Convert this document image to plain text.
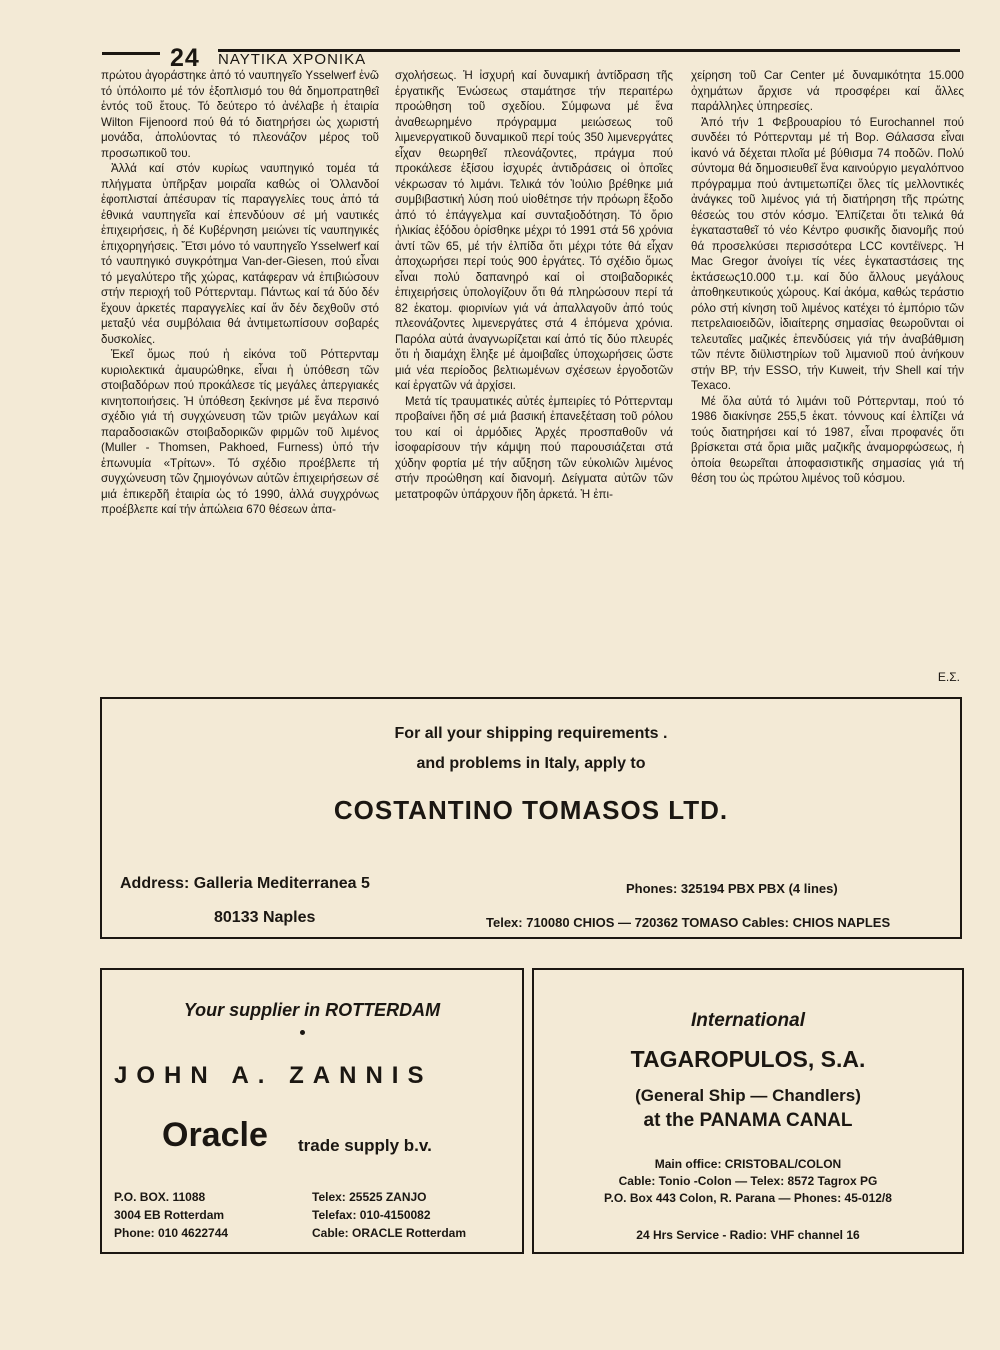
24 ΝΑΥΤΙΚΑ ΧΡΟΝΙΚΑ

πρώτου ἀγοράστηκε ἀπό τό ναυπηγεῖο Ysselwerf ἐνῶ τό ὑπόλοιπο μέ τόν ἐξοπλισμό του θά δημοπρατηθεῖ ἐντός τοῦ ἔτους. Τό δεύτερο τό ἀνέλαβε ἡ ἑταιρία Wilton Fijenoord πού θά τό διατηρήσει ὡς χωριστή μονάδα, ἀπολύοντας τό πλεονάζον μέρος τοῦ προσωπικοῦ του.

Ἀλλά καί στόν κυρίως ναυπηγικό τομέα τά πλήγματα ὑπῆρξαν μοιραῖα καθώς οἱ Ὁλλανδοί ἐφοπλισταί ἀπέσυραν τίς παραγγελίες τους ἀπό τά ἐθνικά ναυπηγεῖα καί ἐπενδύουν σέ μή ναυτικές ἐπιχειρήσεις, ἡ δέ Κυβέρνηση μειώνει τίς ναυπηγικές ἐπιχορηγήσεις. Ἔτσι μόνο τό ναυπηγεῖο Ysselwerf καί τό ναυπηγικό συγκρότημα Van-der-Giesen, πού εἶναι τό μεγαλύτερο τῆς χώρας, κατάφεραν νά ἐπιβιώσουν στήν περιοχή τοῦ Ρόττερνταμ. Πάντως καί τά δύο δέν ἔχουν ἀρκετές παραγγελίες καί ἄν δέν δεχθοῦν στό μεταξύ νέα συμβόλαια θά ἀντιμετωπίσουν σοβαρές δυσκολίες.

Ἐκεῖ ὅμως πού ἡ εἰκόνα τοῦ Ρόττερνταμ κυριολεκτικά ἀμαυρώθηκε, εἶναι ἡ ὑπόθεση τῶν στοιβαδόρων πού προκάλεσε τίς μεγάλες ἀπεργιακές κινητοποιήσεις. Ἡ ὑπόθεση ξεκίνησε μέ ἕνα περσινό σχέδιο γιά τή συγχώνευση τῶν τριῶν μεγάλων καί παραδοσιακῶν στοιβαδορικῶν φιρμῶν τοῦ λιμένος (Muller - Thomsen, Pakhoed, Furness) ὑπό τήν ἐπωνυμία «Τρίτων». Τό σχέδιο προέβλεπε τή συγχώνευση τῶν ζημιογόνων αὐτῶν ἐπιχειρήσεων σέ μιά ἐπικερδῆ ἑταιρία ὡς τό 1990, ἀλλά συγχρόνως προέβλεπε καί τήν ἀπώλεια 670 θέσεων ἀπα-

σχολήσεως. Ἡ ἰσχυρή καί δυναμική ἀντίδραση τῆς ἐργατικῆς Ἑνώσεως σταμάτησε τήν περαιτέρω προώθηση τοῦ σχεδίου. Σύμφωνα μέ ἕνα ἀναθεωρημένο πρόγραμμα μειώσεως τοῦ λιμενεργατικοῦ δυναμικοῦ περί τούς 350 λιμενεργάτες εἶχαν θεωρηθεῖ πλεονάζοντες, πράγμα πού προκάλεσε ἐξίσου ἰσχυρές ἀντιδράσεις οἱ ὁποῖες νέκρωσαν τό λιμάνι. Τελικά τόν Ἰούλιο βρέθηκε μιά συμβιβαστική λύση πού υἱοθέτησε τήν πρόωρη ἔξοδο ἀπό τό ἐπάγγελμα καί συνταξιοδότηση. Τό ὅριο ἡλικίας ἐξόδου ὁρίσθηκε μέχρι τό 1991 στά 56 χρόνια ἀντί τῶν 65, μέ τήν ἐλπίδα ὅτι μέχρι τότε θά εἶχαν ἀποχωρήσει περί τούς 900 ἐργάτες. Τό σχέδιο ὅμως εἶναι πολύ δαπανηρό καί οἱ στοιβαδορικές ἐπιχειρήσεις ὑπολογίζουν ὅτι θά πληρώσουν περί τά 82 ἑκατομ. φιορινίων γιά νά ἀπαλλαγοῦν ἀπό τούς πλεονάζοντες λιμενεργάτες στά 4 ἑπόμενα χρόνια. Παρόλα αὐτά ἀναγνωρίζεται καί ἀπό τίς δύο πλευρές ὅτι ἡ διαμάχη ἔληξε μέ ἀμοιβαῖες ὑποχωρήσεις ὥστε μιά νέα περίοδος βελτιωμένων σχέσεων ἐργοδοτῶν καί ἐργατῶν νά ἀρχίσει.

Μετά τίς τραυματικές αὐτές ἐμπειρίες τό Ρόττερνταμ προβαίνει ἤδη σέ μιά βασική ἐπανεξέταση τοῦ ρόλου του καί οἱ ἁρμόδιες Ἀρχές προσπαθοῦν νά ἰσοφαρίσουν τήν κάμψη πού παρουσιάζεται στά χύδην φορτία μέ τήν αὔξηση τῶν εὐκολιῶν λιμένος στήν προώθηση καί διανομή. Δείγματα αὐτῶν τῶν μετατροφῶν ὑπάρχουν ἤδη ἀρκετά. Ἡ ἐπι-

χείρηση τοῦ Car Center μέ δυναμικότητα 15.000 ὀχημάτων ἄρχισε νά προσφέρει καί ἄλλες παράλληλες ὑπηρεσίες.

Ἀπό τήν 1 Φεβρουαρίου τό Eurochannel πού συνδέει τό Ρόττερνταμ μέ τή Βορ. Θάλασσα εἶναι ἱκανό νά δέχεται πλοῖα μέ βύθισμα 74 ποδῶν. Πολύ σύντομα θά δημοσιευθεῖ ἕνα καινούργιο μεγαλόπνοο πρόγραμμα πού ἀντιμετωπίζει ὅλες τίς μελλοντικές ἀνάγκες τοῦ λιμένος γιά τή διατήρηση τῆς πρώτης θέσεώς του στόν κόσμο. Ἐλπίζεται ὅτι τελικά θά ἐγκατασταθεῖ τό νέο Κέντρο φυσικῆς διανομῆς πού θά προσελκύσει περισσότερα LCC κοντέϊνερς. Ἡ Mac Gregor ἀνοίγει τίς νέες ἐγκαταστάσεις της ἐκτάσεως10.000 τ.μ. καί δύο ἄλλους μεγάλους ἀποθηκευτικούς χώρους. Καί ἀκόμα, καθώς τεράστιο ρόλο στή κίνηση τοῦ λιμένος κατέχει τό ἐμπόριο τῶν πετρελαιοειδῶν, ἰδιαίτερης σημασίας θεωροῦνται οἱ τελευταῖες μαζικές ἐπενδύσεις γιά τήν ἀναβάθμιση τῶν πέντε διϋλιστηρίων τοῦ λιμανιοῦ πού ἀνήκουν στήν BP, τήν ESSO, τήν Kuweit, τήν Shell καί τήν Texaco.

Μέ ὅλα αὐτά τό λιμάνι τοῦ Ρόττερνταμ, πού τό 1986 διακίνησε 255,5 ἑκατ. τόννους καί ἐλπίζει νά τούς διατηρήσει καί τό 1987, εἶναι προφανές ὅτι βρίσκεται στά ὅρια μιᾶς μαζικῆς ἀναμορφώσεως, ἡ ὁποία θεωρεῖται ἀποφασιστικῆς σημασίας γιά τή θέση του ὡς πρώτου λιμένος τοῦ κόσμου.

Ε.Σ.
For all your shipping requirements .
and problems in Italy, apply to
COSTANTINO TOMASOS LTD.
Address: Galleria Mediterranea 5
80133 Naples
Phones: 325194 PBX PBX (4 lines)
Telex: 710080 CHIOS — 720362 TOMASO Cables: CHIOS NAPLES
Your supplier in ROTTERDAM
JOHN A. ZANNIS
Oracle trade supply b.v.
P.O. BOX. 11088
3004 EB Rotterdam
Phone: 010 4622744
Telex: 25525 ZANJO
Telefax: 010-4150082
Cable: ORACLE Rotterdam
International
TAGAROPULOS, S.A.
(General Ship — Chandlers)
at the PANAMA CANAL
Main office: CRISTOBAL/COLON
Cable: Tonio -Colon — Telex: 8572 Tagrox PG
P.O. Box 443 Colon, R. Parana — Phones: 45-012/8
24 Hrs Service - Radio: VHF channel 16
